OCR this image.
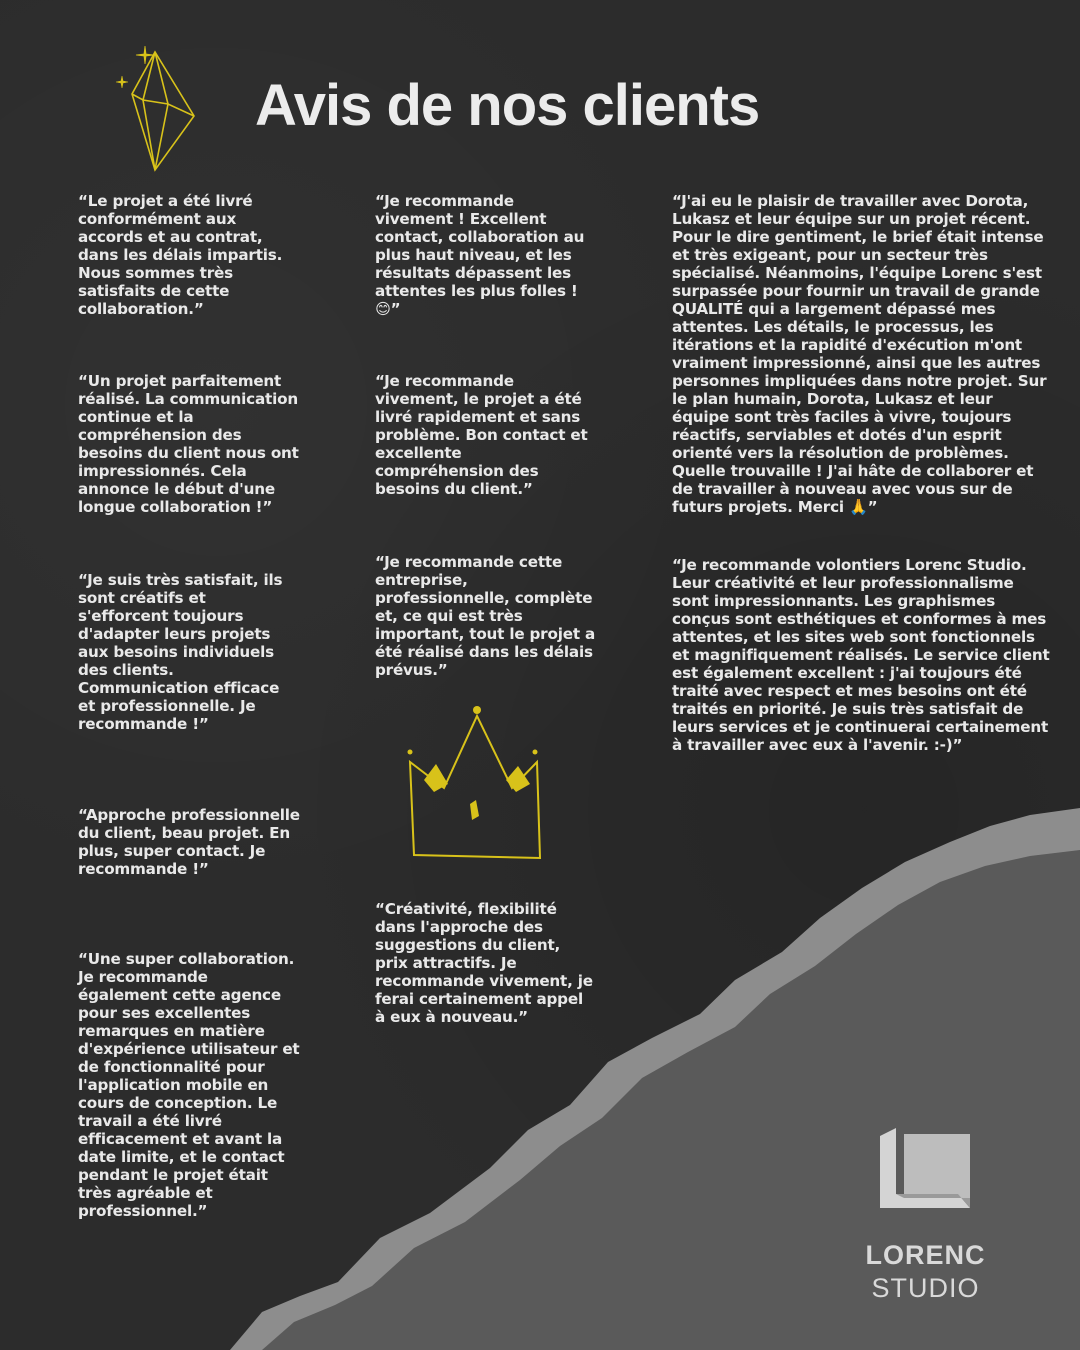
Avis de nos clients

“Le projet a été livré conformément aux accords et au contrat, dans les délais impartis. Nous sommes très satisfaits de cette collaboration.”

“Un projet parfaitement réalisé. La communication continue et la compréhension des besoins du client nous ont impressionnés. Cela annonce le début d'une longue collaboration !”

“Je suis très satisfait, ils sont créatifs et s'efforcent toujours d'adapter leurs projets aux besoins individuels des clients. Communication efficace et professionnelle. Je recommande !”

“Approche professionnelle du client, beau projet. En plus, super contact. Je recommande !”

“Une super collaboration. Je recommande également cette agence pour ses excellentes remarques en matière d'expérience utilisateur et de fonctionnalité pour l'application mobile en cours de conception. Le travail a été livré efficacement et avant la date limite, et le contact pendant le projet était très agréable et professionnel.”

“Je recommande vivement ! Excellent contact, collaboration au plus haut niveau, et les résultats dépassent les attentes les plus folles ! 😊”

“Je recommande vivement, le projet a été livré rapidement et sans problème. Bon contact et excellente compréhension des besoins du client.”

“Je recommande cette entreprise, professionnelle, complète et, ce qui est très important, tout le projet a été réalisé dans les délais prévus.”

“Créativité, flexibilité dans l'approche des suggestions du client, prix attractifs. Je recommande vivement, je ferai certainement appel à eux à nouveau.”

“J'ai eu le plaisir de travailler avec Dorota, Lukasz et leur équipe sur un projet récent. Pour le dire gentiment, le brief était intense et très exigeant, pour un secteur très spécialisé. Néanmoins, l'équipe Lorenc s'est surpassée pour fournir un travail de grande QUALITÉ qui a largement dépassé mes attentes. Les détails, le processus, les itérations et la rapidité d'exécution m'ont vraiment impressionné, ainsi que les autres personnes impliquées dans notre projet. Sur le plan humain, Dorota, Lukasz et leur équipe sont très faciles à vivre, toujours réactifs, serviables et dotés d'un esprit orienté vers la résolution de problèmes. Quelle trouvaille ! J'ai hâte de collaborer et de travailler à nouveau avec vous sur de futurs projets. Merci 🙏”

“Je recommande volontiers Lorenc Studio. Leur créativité et leur professionnalisme sont impressionnants. Les graphismes conçus sont esthétiques et conformes à mes attentes, et les sites web sont fonctionnels et magnifiquement réalisés. Le service client est également excellent : j'ai toujours été traité avec respect et mes besoins ont été traités en priorité. Je suis très satisfait de leurs services et je continuerai certainement à travailler avec eux à l'avenir. :-)”

LORENC
STUDIO
